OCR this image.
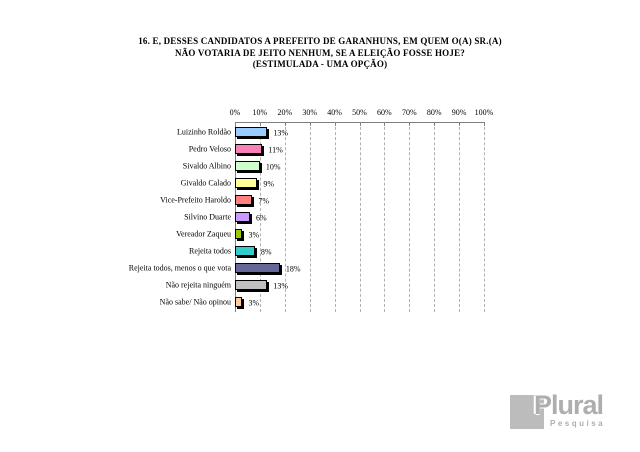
16. E, DESSES CANDIDATOS A PREFEITO DE GARANHUNS, EM QUEM O(A) SR.(A)
NÃO VOTARIA DE JEITO NENHUM, SE A ELEIÇÃO FOSSE HOJE?
(ESTIMULADA - UMA OPÇÃO)
0% 10% 20% 30% 40% 50% 60% 70% 80% 90% 100%
Luizinho Roldão	13%
Pedro Veloso	11%
Sivaldo Albino	10%
Givaldo Calado	9%
Vice-Prefeito Haroldo	7%
Silvino Duarte	6%
Vereador Zaqueu 3%
Rejeita todos	8%
Rejeita todos, menos o que vota	18%
Não rejeita ninguém	13%
Não sabe/ Não opinou 3%
Plural
Pesquisa
